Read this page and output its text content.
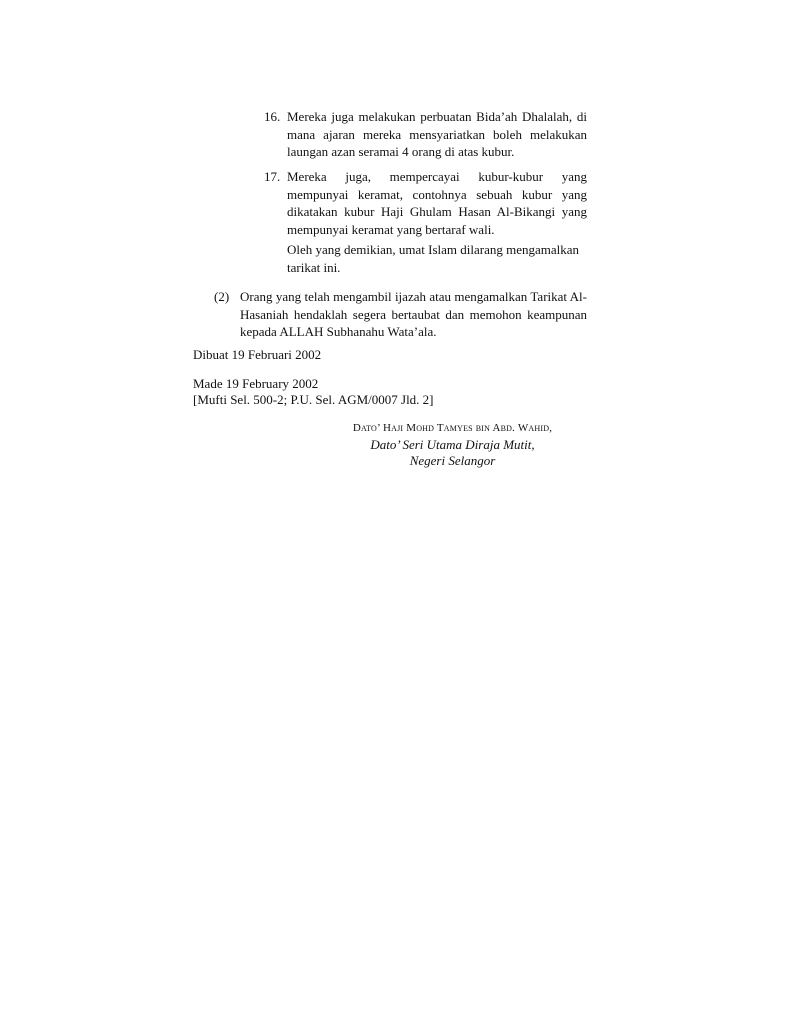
16. Mereka juga melakukan perbuatan Bida’ah Dhalalah, di mana ajaran mereka mensyariatkan boleh melakukan laungan azan seramai 4 orang di atas kubur.
17. Mereka juga, mempercayai kubur-kubur yang mempunyai keramat, contohnya sebuah kubur yang dikatakan kubur Haji Ghulam Hasan Al-Bikangi yang mempunyai keramat yang bertaraf wali.

Oleh yang demikian, umat Islam dilarang mengamalkan tarikat ini.

(2) Orang yang telah mengambil ijazah atau mengamalkan Tarikat Al-Hasaniah hendaklah segera bertaubat dan memohon keampunan kepada ALLAH Subhanahu Wata’ala.

Dibuat 19 Februari 2002

Made 19 February 2002

[Mufti Sel. 500-2; P.U. Sel. AGM/0007 Jld. 2]

Dato’ Haji Mohd Tamyes bin Abd. Wahid,

Dato’ Seri Utama Diraja Mutit,

Negeri Selangor
